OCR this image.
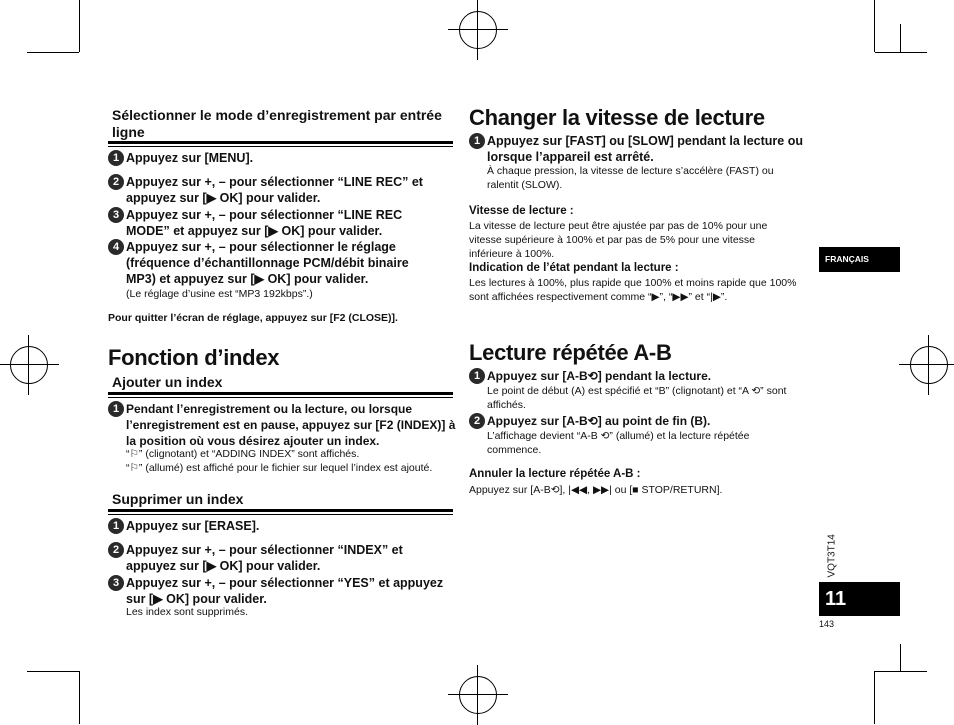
Sélectionner le mode d’enregistrement par entrée ligne
1 Appuyez sur [MENU].
2 Appuyez sur +, – pour sélectionner “LINE REC” et appuyez sur [▶ OK] pour valider.
3 Appuyez sur +, – pour sélectionner “LINE REC MODE” et appuyez sur [▶ OK] pour valider.
4 Appuyez sur +, – pour sélectionner le réglage (fréquence d’échantillonnage PCM/débit binaire MP3) et appuyez sur [▶ OK] pour valider.
(Le réglage d’usine est “MP3 192kbps”.)
Pour quitter l’écran de réglage, appuyez sur [F2 (CLOSE)].
Fonction d’index
Ajouter un index
1 Pendant l’enregistrement ou la lecture, ou lorsque l’enregistrement est en pause, appuyez sur [F2 (INDEX)] à la position où vous désirez ajouter un index.
“⚐” (clignotant) et “ADDING INDEX” sont affichés.
“⚐” (allumé) est affiché pour le fichier sur lequel l’index est ajouté.
Supprimer un index
1 Appuyez sur [ERASE].
2 Appuyez sur +, – pour sélectionner “INDEX” et appuyez sur [▶ OK] pour valider.
3 Appuyez sur +, – pour sélectionner “YES” et appuyez sur [▶ OK] pour valider.
Les index sont supprimés.
Changer la vitesse de lecture
1 Appuyez sur [FAST] ou [SLOW] pendant la lecture ou lorsque l’appareil est arrêté.
À chaque pression, la vitesse de lecture s’accélère (FAST) ou ralentit (SLOW).
Vitesse de lecture :
La vitesse de lecture peut être ajustée par pas de 10% pour une vitesse supérieure à 100% et par pas de 5% pour une vitesse inférieure à 100%.
Indication de l’état pendant la lecture :
Les lectures à 100%, plus rapide que 100% et moins rapide que 100% sont affichées respectivement comme “▶”, “▶▶” et “|▶”.
Lecture répétée A-B
1 Appuyez sur [A-B⟲] pendant la lecture.
Le point de début (A) est spécifié et “B” (clignotant) et “A ⟲” sont affichés.
2 Appuyez sur [A-B⟲] au point de fin (B).
L’affichage devient “A-B ⟲” (allumé) et la lecture répétée commence.
Annuler la lecture répétée A-B :
Appuyez sur [A-B⟲], |◀◀, ▶▶| ou [■ STOP/RETURN].
FRANÇAIS
VQT3T14
11
143
